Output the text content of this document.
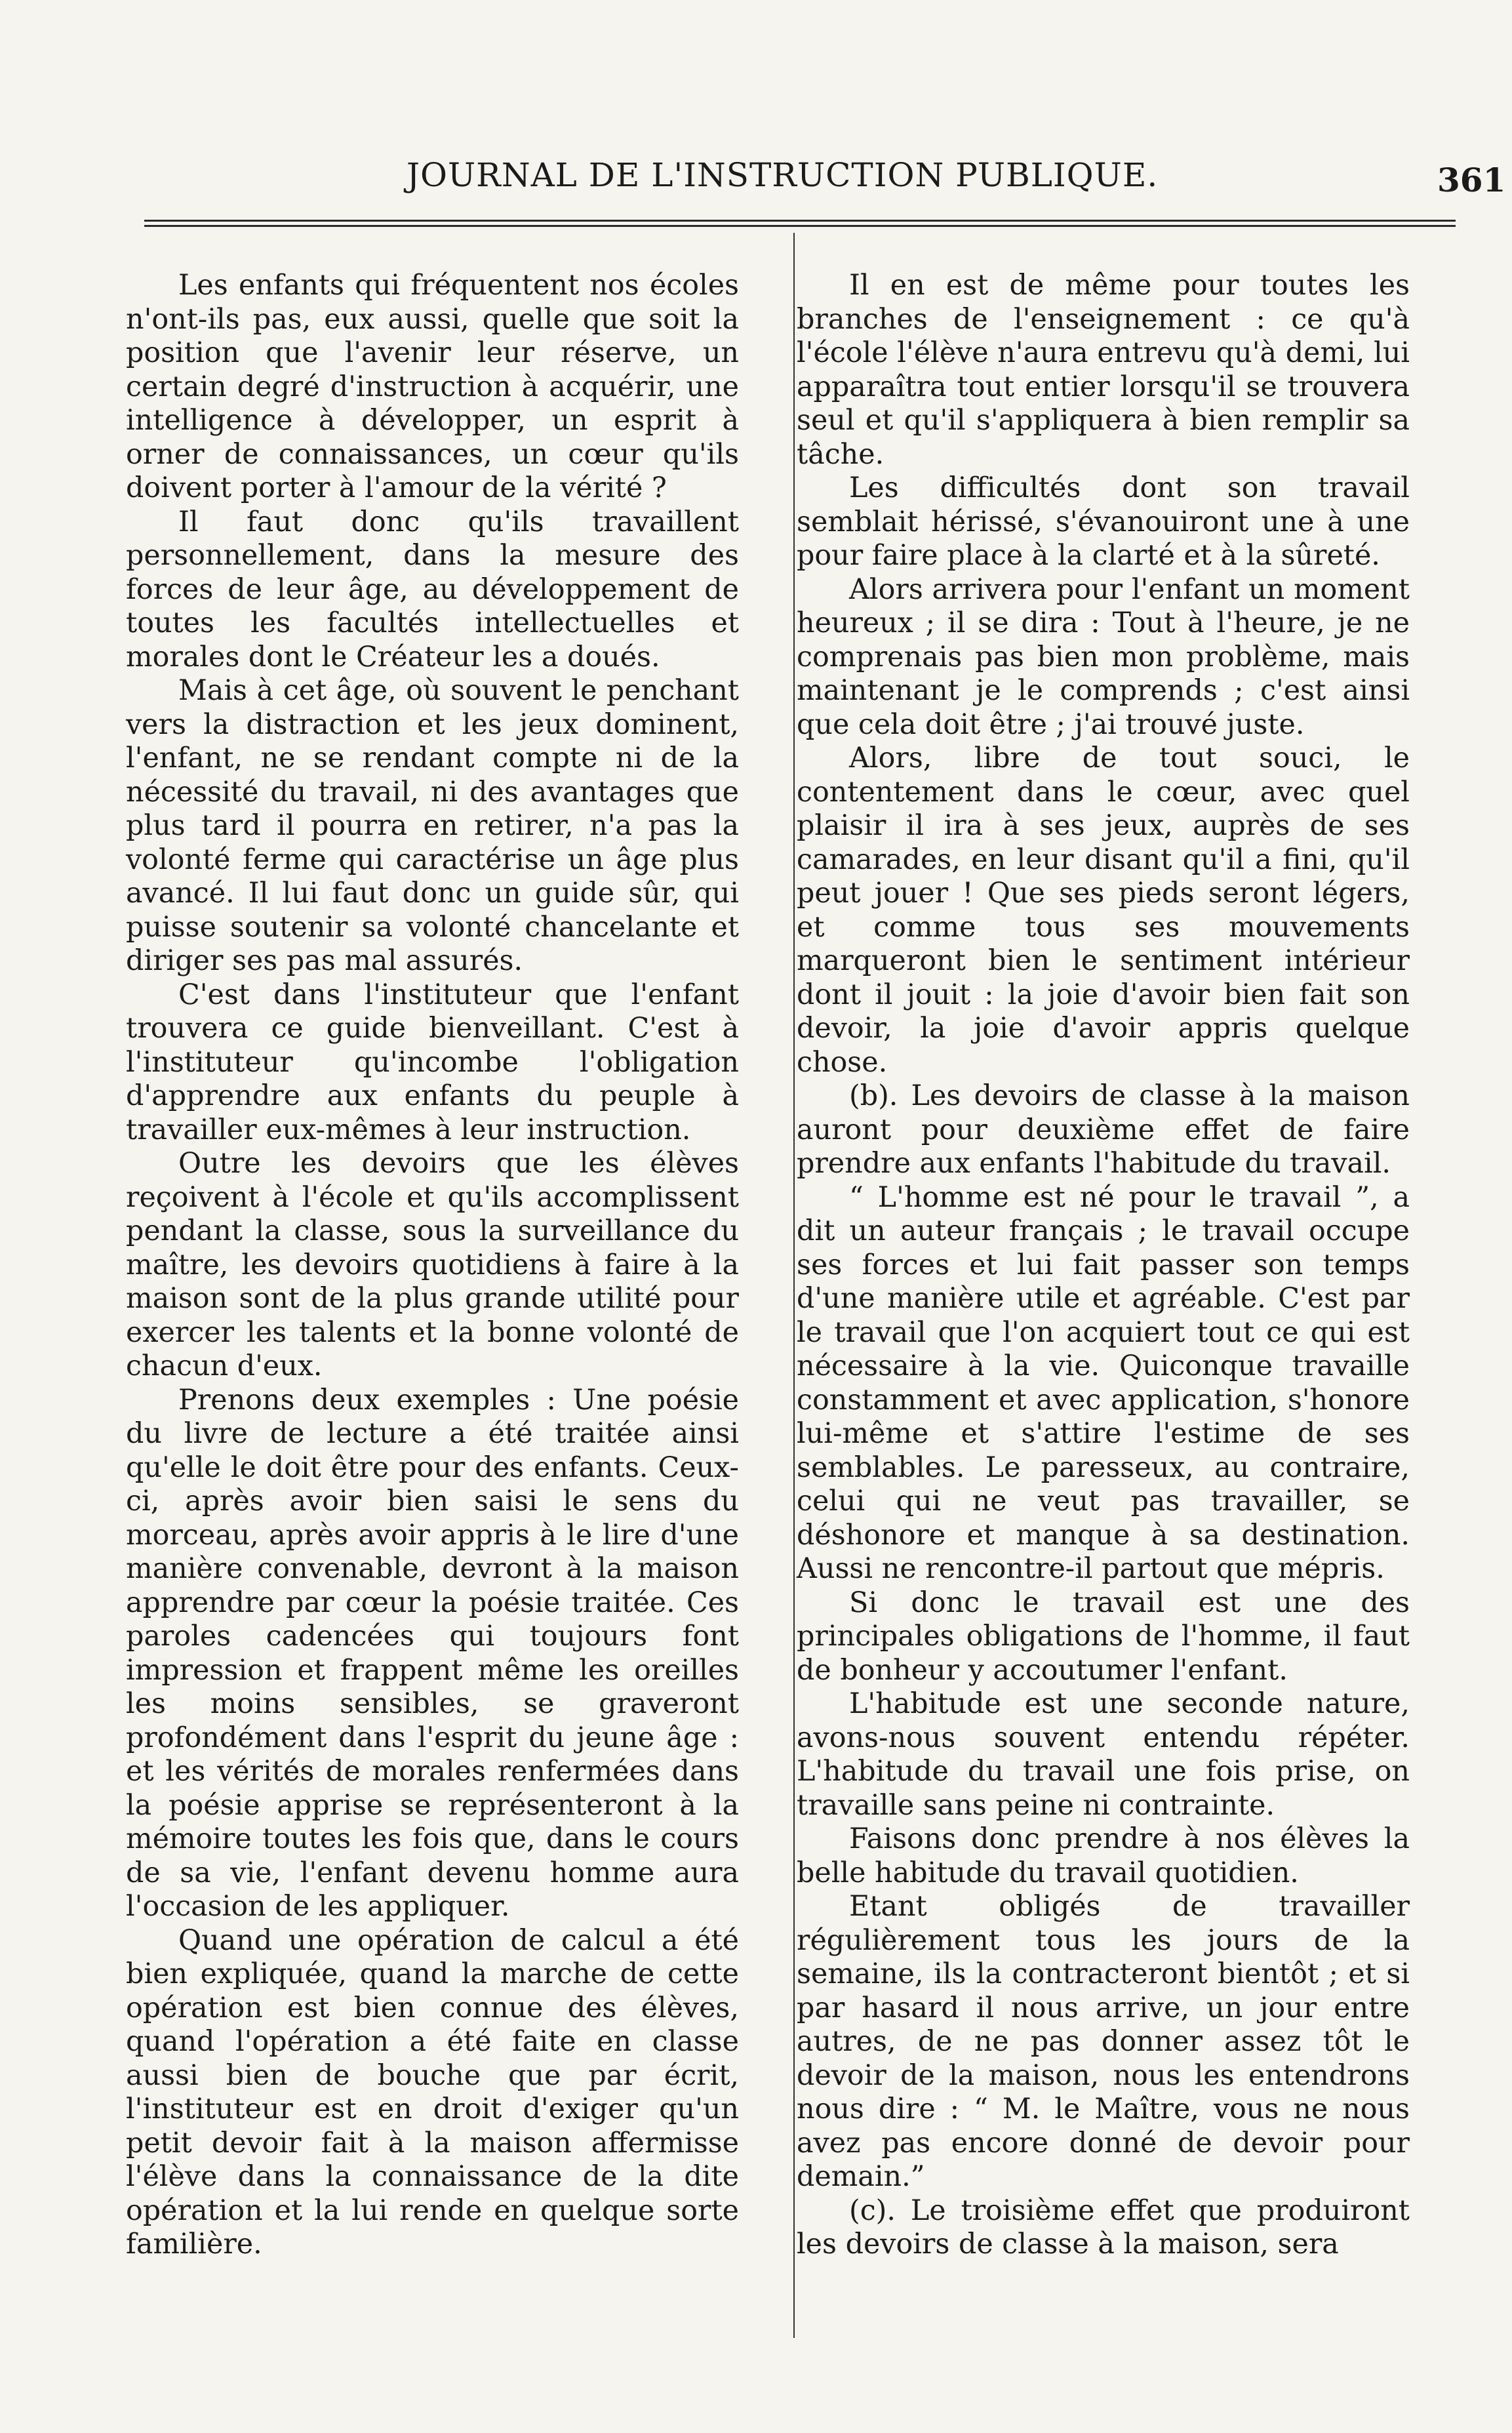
JOURNAL DE L'INSTRUCTION PUBLIQUE.	361

Les enfants qui fréquentent nos écoles n'ont-ils pas, eux aussi, quelle que soit la position que l'avenir leur réserve, un certain degré d'instruction à acquérir, une intelligence à développer, un esprit à orner de connaissances, un cœur qu'ils doivent porter à l'amour de la vérité ?

Il faut donc qu'ils travaillent personnellement, dans la mesure des forces de leur âge, au développement de toutes les facultés intellectuelles et morales dont le Créateur les a doués.

Mais à cet âge, où souvent le penchant vers la distraction et les jeux dominent, l'enfant, ne se rendant compte ni de la nécessité du travail, ni des avantages que plus tard il pourra en retirer, n'a pas la volonté ferme qui caractérise un âge plus avancé. Il lui faut donc un guide sûr, qui puisse soutenir sa volonté chancelante et diriger ses pas mal assurés.

C'est dans l'instituteur que l'enfant trouvera ce guide bienveillant. C'est à l'instituteur qu'incombe l'obligation d'apprendre aux enfants du peuple à travailler eux-mêmes à leur instruction.

Outre les devoirs que les élèves reçoivent à l'école et qu'ils accomplissent pendant la classe, sous la surveillance du maître, les devoirs quotidiens à faire à la maison sont de la plus grande utilité pour exercer les talents et la bonne volonté de chacun d'eux.

Prenons deux exemples : Une poésie du livre de lecture a été traitée ainsi qu'elle le doit être pour des enfants. Ceux-ci, après avoir bien saisi le sens du morceau, après avoir appris à le lire d'une manière convenable, devront à la maison apprendre par cœur la poésie traitée. Ces paroles cadencées qui toujours font impression et frappent même les oreilles les moins sensibles, se graveront profondément dans l'esprit du jeune âge : et les vérités de morales renfermées dans la poésie apprise se représenteront à la mémoire toutes les fois que, dans le cours de sa vie, l'enfant devenu homme aura l'occasion de les appliquer.

Quand une opération de calcul a été bien expliquée, quand la marche de cette opération est bien connue des élèves, quand l'opération a été faite en classe aussi bien de bouche que par écrit, l'instituteur est en droit d'exiger qu'un petit devoir fait à la maison affermisse l'élève dans la connaissance de la dite opération et la lui rende en quelque sorte familière.

Il en est de même pour toutes les branches de l'enseignement : ce qu'à l'école l'élève n'aura entrevu qu'à demi, lui apparaîtra tout entier lorsqu'il se trouvera seul et qu'il s'appliquera à bien remplir sa tâche.

Les difficultés dont son travail semblait hérissé, s'évanouiront une à une pour faire place à la clarté et à la sûreté.

Alors arrivera pour l'enfant un moment heureux ; il se dira : Tout à l'heure, je ne comprenais pas bien mon problème, mais maintenant je le comprends ; c'est ainsi que cela doit être ; j'ai trouvé juste.

Alors, libre de tout souci, le contentement dans le cœur, avec quel plaisir il ira à ses jeux, auprès de ses camarades, en leur disant qu'il a fini, qu'il peut jouer ! Que ses pieds seront légers, et comme tous ses mouvements marqueront bien le sentiment intérieur dont il jouit : la joie d'avoir bien fait son devoir, la joie d'avoir appris quelque chose.

(b). Les devoirs de classe à la maison auront pour deuxième effet de faire prendre aux enfants l'habitude du travail.

“ L'homme est né pour le travail ”, a dit un auteur français ; le travail occupe ses forces et lui fait passer son temps d'une manière utile et agréable. C'est par le travail que l'on acquiert tout ce qui est nécessaire à la vie. Quiconque travaille constamment et avec application, s'honore lui-même et s'attire l'estime de ses semblables. Le paresseux, au contraire, celui qui ne veut pas travailler, se déshonore et manque à sa destination. Aussi ne rencontre-il partout que mépris.

Si donc le travail est une des principales obligations de l'homme, il faut de bonheur y accoutumer l'enfant.

L'habitude est une seconde nature, avons-nous souvent entendu répéter. L'habitude du travail une fois prise, on travaille sans peine ni contrainte.

Faisons donc prendre à nos élèves la belle habitude du travail quotidien.

Etant obligés de travailler régulièrement tous les jours de la semaine, ils la contracteront bientôt ; et si par hasard il nous arrive, un jour entre autres, de ne pas donner assez tôt le devoir de la maison, nous les entendrons nous dire : “ M. le Maître, vous ne nous avez pas encore donné de devoir pour demain.”

(c). Le troisième effet que produiront les devoirs de classe à la maison, sera
